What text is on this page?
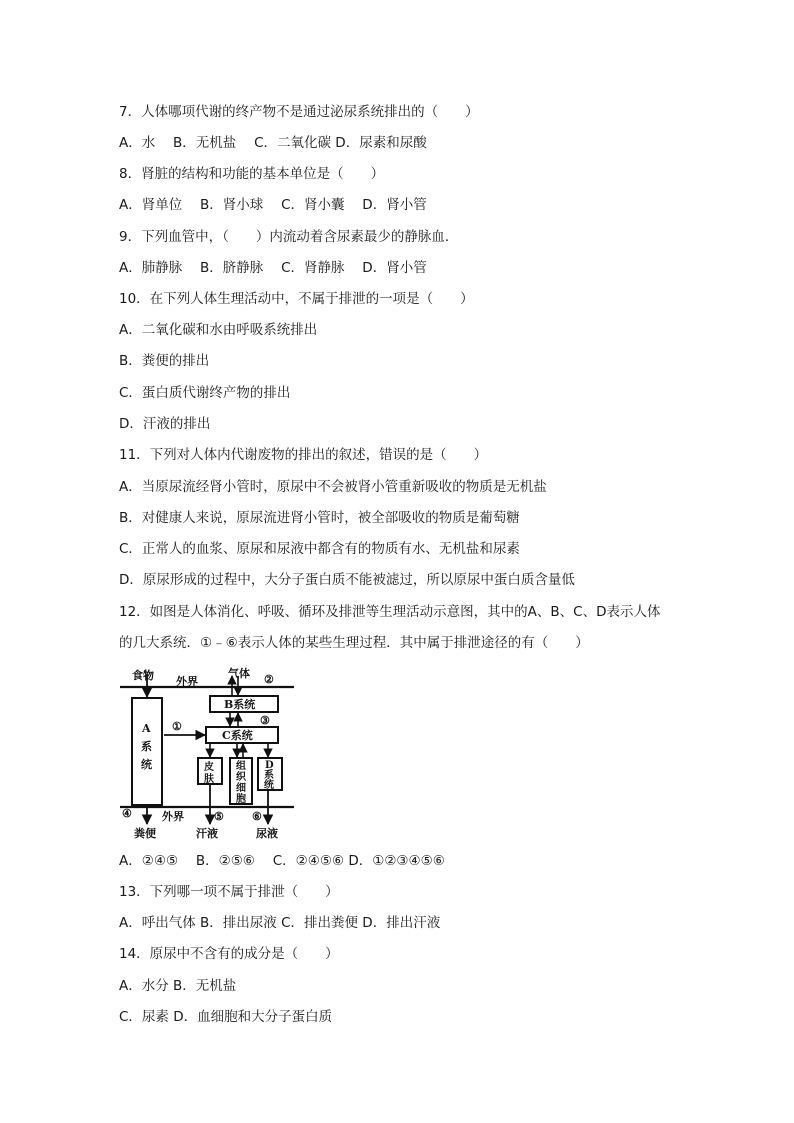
7．人体哪项代谢的终产物不是通过泌尿系统排出的（　　）
A．水　 B．无机盐　 C．二氧化碳 D．尿素和尿酸
8．肾脏的结构和功能的基本单位是（　　）
A．肾单位　 B．肾小球　 C．肾小囊　 D．肾小管
9．下列血管中，（　　）内流动着含尿素最少的静脉血．
A．肺静脉　 B．脐静脉　 C．肾静脉　 D．肾小管
10．在下列人体生理活动中，不属于排泄的一项是（　　）
A．二氧化碳和水由呼吸系统排出
B．粪便的排出
C．蛋白质代谢终产物的排出
D．汗液的排出
11．下列对人体内代谢废物的排出的叙述，错误的是（　　）
A．当原尿流经肾小管时，原尿中不会被肾小管重新吸收的物质是无机盐
B．对健康人来说，原尿流进肾小管时，被全部吸收的物质是葡萄糖
C．正常人的血浆、原尿和尿液中都含有的物质有水、无机盐和尿素
D．原尿形成的过程中，大分子蛋白质不能被滤过，所以原尿中蛋白质含量低
12．如图是人体消化、呼吸、循环及排泄等生理活动示意图，其中的A、B、C、D表示人体
的几大系统．①﹣⑥表示人体的某些生理过程．其中属于排泄途径的有（　　）
食物 外界
气体 ②
A
系
统
B系统
C系统
③
①
皮
肤
组
织
细
胞
D
系
统
④	外界	⑤	⑥
粪便	汗液	尿液
A．②④⑤　 B．②⑤⑥　 C．②④⑤⑥ D．①②③④⑤⑥
13．下列哪一项不属于排泄（　　）
A．呼出气体 B．排出尿液 C．排出粪便 D．排出汗液
14．原尿中不含有的成分是（　　）
A．水分 B．无机盐
C．尿素 D．血细胞和大分子蛋白质
